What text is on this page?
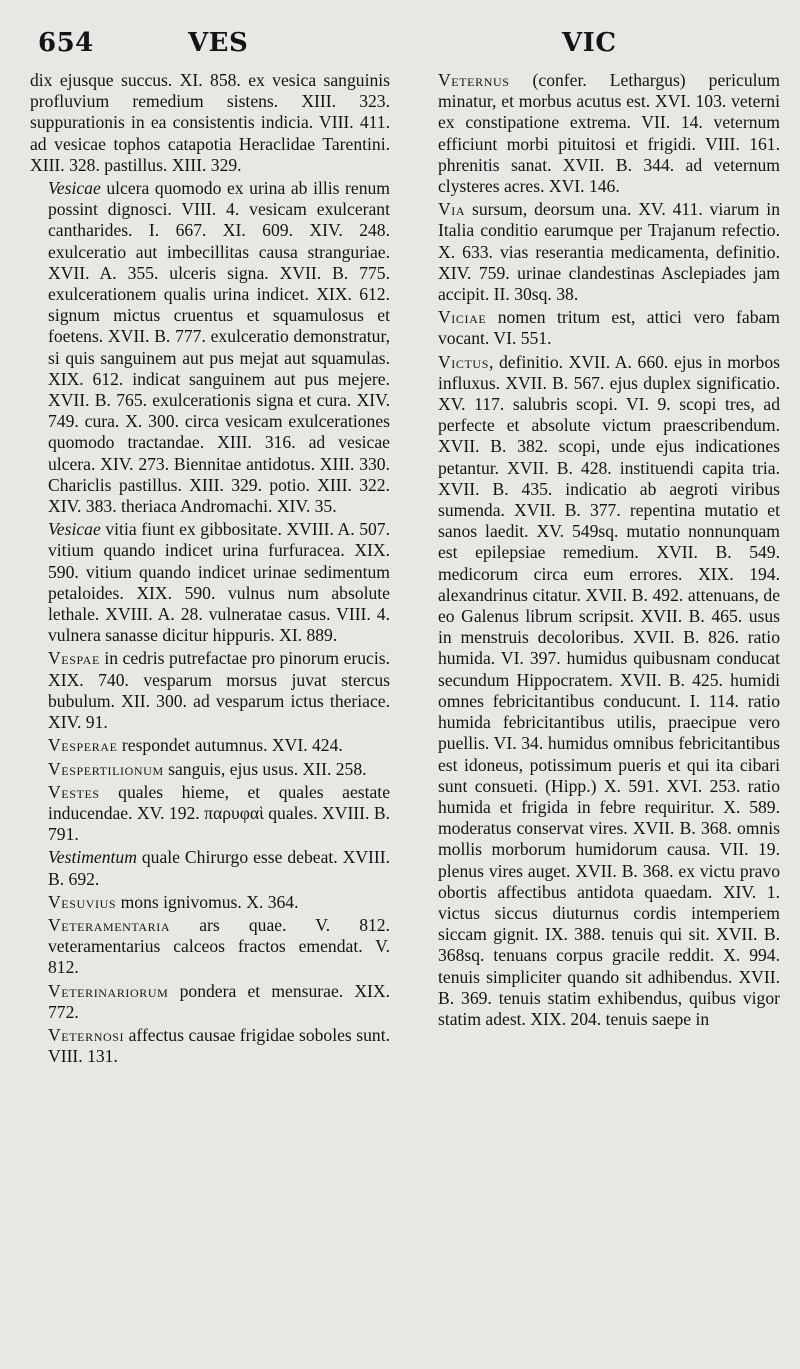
654	VES	VIC

dix ejusque succus. XI. 858. ex vesica sanguinis profluvium remedium sistens. XIII. 323. suppurationis in ea consistentis indicia. VIII. 411. ad vesicae tophos catapotia Heraclidae Tarentini. XIII. 328. pastillus. XIII. 329.

Vesicae ulcera quomodo ex urina ab illis renum possint dignosci. VIII. 4. vesicam exulcerant cantharides. I. 667. XI. 609. XIV. 248. exulceratio aut imbecillitas causa stranguriae. XVII. A. 355. ulceris signa. XVII. B. 775. exulcerationem qualis urina indicet. XIX. 612. signum mictus cruentus et squamulosus et foetens. XVII. B. 777. exulceratio demonstratur, si quis sanguinem aut pus mejat aut squamulas. XIX. 612. indicat sanguinem aut pus mejere. XVII. B. 765. exulcerationis signa et cura. XIV. 749. cura. X. 300. circa vesicam exulcerationes quomodo tractandae. XIII. 316. ad vesicae ulcera. XIV. 273. Biennitae antidotus. XIII. 330. Chariclis pastillus. XIII. 329. potio. XIII. 322. XIV. 383. theriaca Andromachi. XIV. 35.

Vesicae vitia fiunt ex gibbositate. XVIII. A. 507. vitium quando indicet urina furfuracea. XIX. 590. vitium quando indicet urinae sedimentum petaloides. XIX. 590. vulnus num absolute lethale. XVIII. A. 28. vulneratae casus. VIII. 4. vulnera sanasse dicitur hippuris. XI. 889.

Vespae in cedris putrefactae pro pinorum erucis. XIX. 740. vesparum morsus juvat stercus bubulum. XII. 300. ad vesparum ictus theriace. XIV. 91.

Vesperae respondet autumnus. XVI. 424.

Vespertilionum sanguis, ejus usus. XII. 258.

Vestes quales hieme, et quales aestate inducendae. XV. 192. παρυφαὶ quales. XVIII. B. 791.

Vestimentum quale Chirurgo esse debeat. XVIII. B. 692.

Vesuvius mons ignivomus. X. 364.

Veteramentaria ars quae. V. 812. veteramentarius calceos fractos emendat. V. 812.

Veterinariorum pondera et mensurae. XIX. 772.

Veternosi affectus causae frigidae soboles sunt. VIII. 131.

Veternus (confer. Lethargus) periculum minatur, et morbus acutus est. XVI. 103. veterni ex constipatione extrema. VII. 14. veternum efficiunt morbi pituitosi et frigidi. VIII. 161. phrenitis sanat. XVII. B. 344. ad veternum clysteres acres. XVI. 146.

Via sursum, deorsum una. XV. 411. viarum in Italia conditio earumque per Trajanum refectio. X. 633. vias reserantia medicamenta, definitio. XIV. 759. urinae clandestinas Asclepiades jam accipit. II. 30sq. 38.

Viciae nomen tritum est, attici vero fabam vocant. VI. 551.

Victus, definitio. XVII. A. 660. ejus in morbos influxus. XVII. B. 567. ejus duplex significatio. XV. 117. salubris scopi. VI. 9. scopi tres, ad perfecte et absolute victum praescribendum. XVII. B. 382. scopi, unde ejus indicationes petantur. XVII. B. 428. instituendi capita tria. XVII. B. 435. indicatio ab aegroti viribus sumenda. XVII. B. 377. repentina mutatio et sanos laedit. XV. 549sq. mutatio nonnunquam est epilepsiae remedium. XVII. B. 549. medicorum circa eum errores. XIX. 194. alexandrinus citatur. XVII. B. 492. attenuans, de eo Galenus librum scripsit. XVII. B. 465. usus in menstruis decoloribus. XVII. B. 826. ratio humida. VI. 397. humidus quibusnam conducat secundum Hippocratem. XVII. B. 425. humidi omnes febricitantibus conducunt. I. 114. ratio humida febricitantibus utilis, praecipue vero puellis. VI. 34. humidus omnibus febricitantibus est idoneus, potissimum pueris et qui ita cibari sunt consueti. (Hipp.) X. 591. XVI. 253. ratio humida et frigida in febre requiritur. X. 589. moderatus conservat vires. XVII. B. 368. omnis mollis morborum humidorum causa. VII. 19. plenus vires auget. XVII. B. 368. ex victu pravo obortis affectibus antidota quaedam. XIV. 1. victus siccus diuturnus cordis intemperiem siccam gignit. IX. 388. tenuis qui sit. XVII. B. 368sq. tenuans corpus gracile reddit. X. 994. tenuis simpliciter quando sit adhibendus. XVII. B. 369. tenuis statim exhibendus, quibus vigor statim adest. XIX. 204. tenuis saepe in
